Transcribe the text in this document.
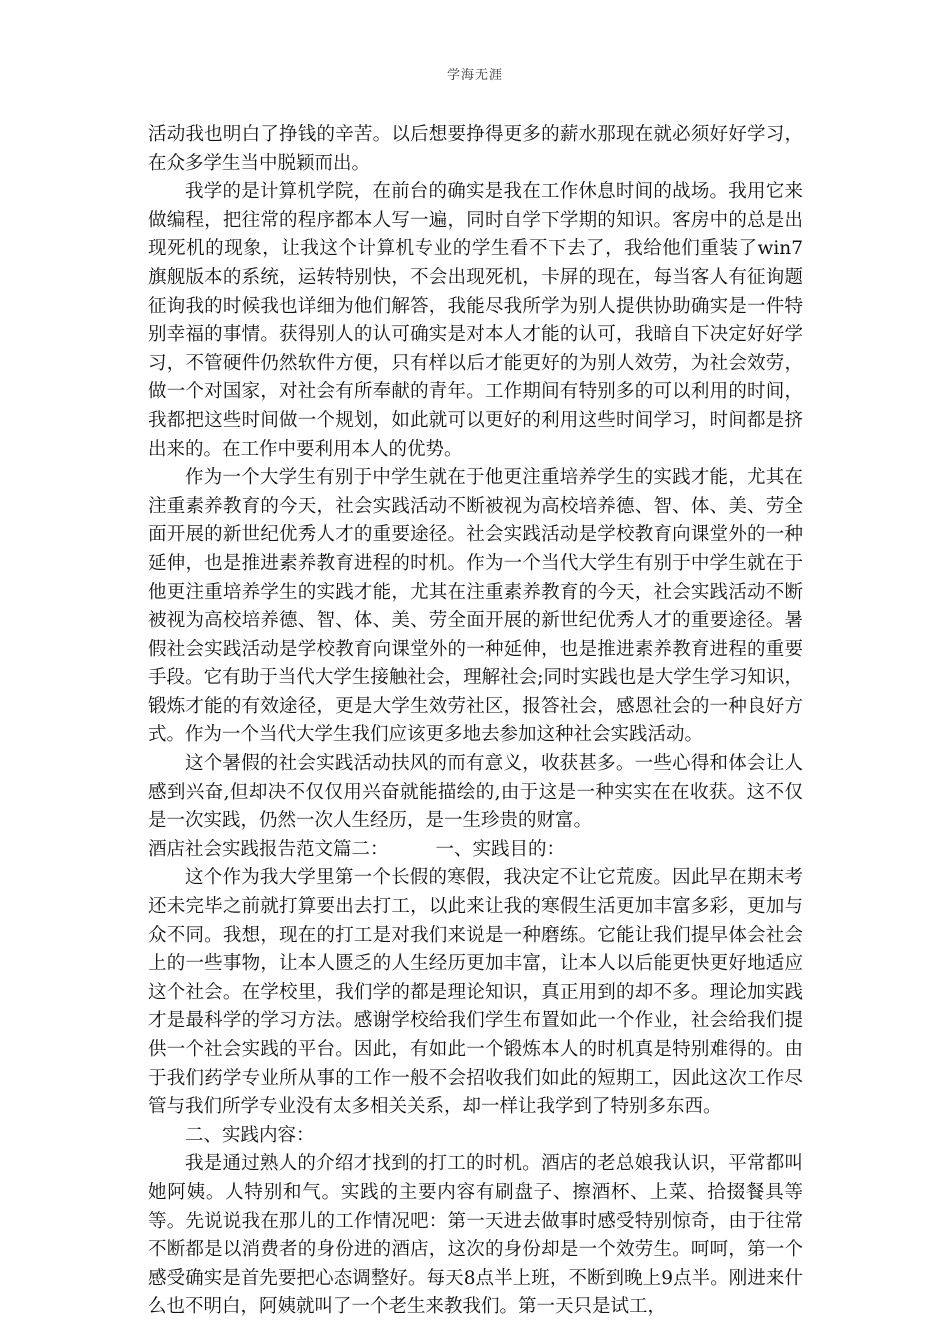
学海无涯

活动我也明白了挣钱的辛苦。以后想要挣得更多的薪水那现在就必须好好学习，在众多学生当中脱颖而出。

我学的是计算机学院，在前台的确实是我在工作休息时间的战场。我用它来做编程，把往常的程序都本人写一遍，同时自学下学期的知识。客房中的总是出现死机的现象，让我这个计算机专业的学生看不下去了，我给他们重装了win7旗舰版本的系统，运转特别快，不会出现死机，卡屏的现在，每当客人有征询题征询我的时候我也详细为他们解答，我能尽我所学为别人提供协助确实是一件特别幸福的事情。获得别人的认可确实是对本人才能的认可，我暗自下决定好好学习，不管硬件仍然软件方便，只有样以后才能更好的为别人效劳，为社会效劳，做一个对国家，对社会有所奉献的青年。工作期间有特别多的可以利用的时间，我都把这些时间做一个规划，如此就可以更好的利用这些时间学习，时间都是挤出来的。在工作中要利用本人的优势。

作为一个大学生有别于中学生就在于他更注重培养学生的实践才能，尤其在注重素养教育的今天，社会实践活动不断被视为高校培养德、智、体、美、劳全面开展的新世纪优秀人才的重要途径。社会实践活动是学校教育向课堂外的一种延伸，也是推进素养教育进程的时机。作为一个当代大学生有别于中学生就在于他更注重培养学生的实践才能，尤其在注重素养教育的今天，社会实践活动不断被视为高校培养德、智、体、美、劳全面开展的新世纪优秀人才的重要途径。暑假社会实践活动是学校教育向课堂外的一种延伸，也是推进素养教育进程的重要手段。它有助于当代大学生接触社会，理解社会;同时实践也是大学生学习知识，锻炼才能的有效途径，更是大学生效劳社区，报答社会，感恩社会的一种良好方式。作为一个当代大学生我们应该更多地去参加这种社会实践活动。

这个暑假的社会实践活动扶风的而有意义，收获甚多。一些心得和体会让人感到兴奋,但却决不仅仅用兴奋就能描绘的,由于这是一种实实在在收获。这不仅是一次实践，仍然一次人生经历，是一生珍贵的财富。

酒店社会实践报告范文篇二：        一、实践目的：

这个作为我大学里第一个长假的寒假，我决定不让它荒废。因此早在期末考还未完毕之前就打算要出去打工，以此来让我的寒假生活更加丰富多彩，更加与众不同。我想，现在的打工是对我们来说是一种磨练。它能让我们提早体会社会上的一些事物，让本人匮乏的人生经历更加丰富，让本人以后能更快更好地适应这个社会。在学校里，我们学的都是理论知识，真正用到的却不多。理论加实践才是最科学的学习方法。感谢学校给我们学生布置如此一个作业，社会给我们提供一个社会实践的平台。因此，有如此一个锻炼本人的时机真是特别难得的。由于我们药学专业所从事的工作一般不会招收我们如此的短期工，因此这次工作尽管与我们所学专业没有太多相关关系，却一样让我学到了特别多东西。

二、实践内容：

我是通过熟人的介绍才找到的打工的时机。酒店的老总娘我认识，平常都叫她阿姨。人特别和气。实践的主要内容有刷盘子、擦酒杯、上菜、拾掇餐具等等。先说说我在那儿的工作情况吧：第一天进去做事时感受特别惊奇，由于往常不断都是以消费者的身份进的酒店，这次的身份却是一个效劳生。呵呵，第一个感受确实是首先要把心态调整好。每天8点半上班，不断到晚上9点半。刚进来什么也不明白，阿姨就叫了一个老生来教我们。第一天只是试工，
